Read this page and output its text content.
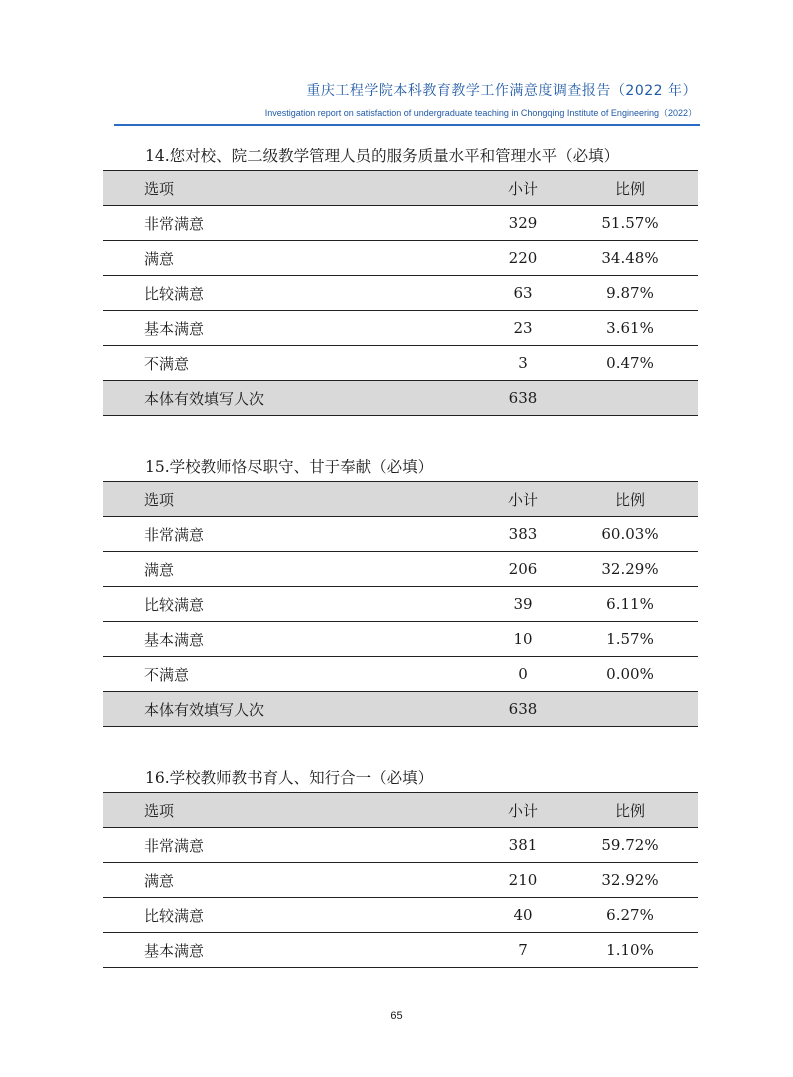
重庆工程学院本科教育教学工作满意度调查报告（2022 年）
Investigation report on satisfaction of undergraduate teaching in Chongqing Institute of Engineering（2022）
14.您对校、院二级教学管理人员的服务质量水平和管理水平（必填）
选项	小计	比例
非常满意	329	51.57%
满意	220	34.48%
比较满意	63	9.87%
基本满意	23	3.61%
不满意	3	0.47%
本体有效填写人次	638	
15.学校教师恪尽职守、甘于奉献（必填）
选项	小计	比例
非常满意	383	60.03%
满意	206	32.29%
比较满意	39	6.11%
基本满意	10	1.57%
不满意	0	0.00%
本体有效填写人次	638	
16.学校教师教书育人、知行合一（必填）
选项	小计	比例
非常满意	381	59.72%
满意	210	32.92%
比较满意	40	6.27%
基本满意	7	1.10%
65
